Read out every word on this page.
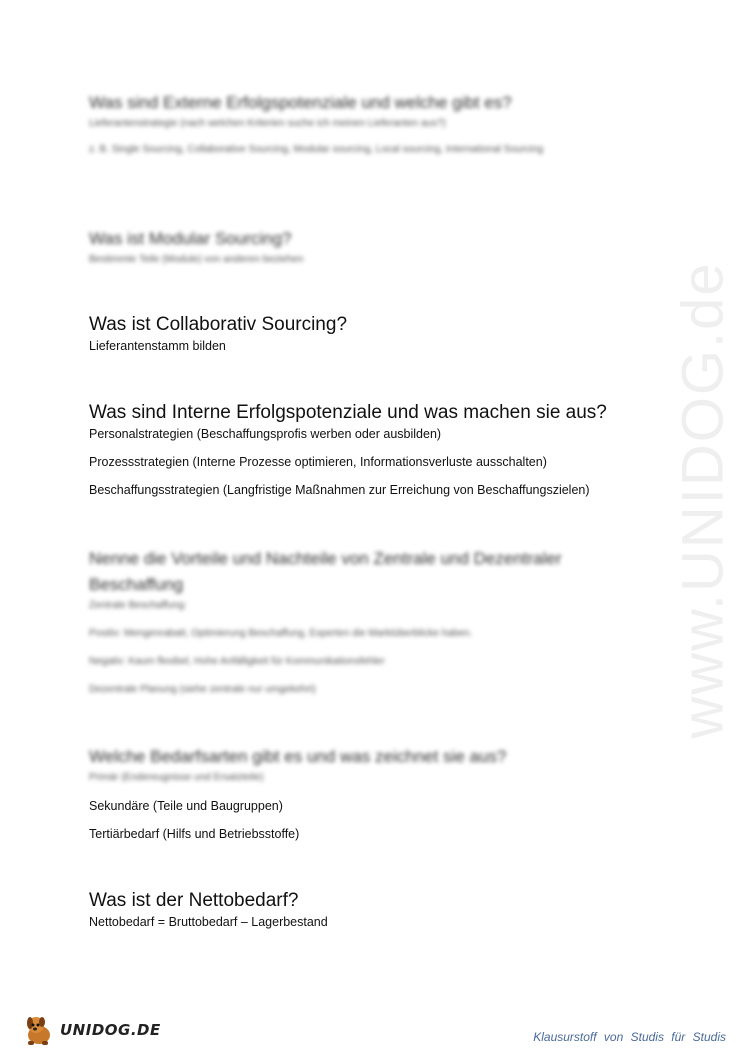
www.UNIDOG.de
Was sind Externe Erfolgspotenziale und welche gibt es?

Lieferantenstrategie (nach welchen Kriterien suche ich meinen Lieferanten aus?)

z. B. Single Sourcing, Collaborative Sourcing, Modular sourcing, Local sourcing, International Sourcing

Was ist Modular Sourcing?

Bestimmte Teile (Module) von anderen beziehen

Was ist Collaborativ Sourcing?

Lieferantenstamm bilden

Was sind Interne Erfolgspotenziale und was machen sie aus?

Personalstrategien (Beschaffungsprofis werben oder ausbilden)

Prozessstrategien (Interne Prozesse optimieren, Informationsverluste ausschalten)

Beschaffungsstrategien (Langfristige Maßnahmen zur Erreichung von Beschaffungszielen)

Nenne die Vorteile und Nachteile von Zentrale und Dezentraler Beschaffung

Zentrale Beschaffung:

Positiv: Mengenrabatt, Optimierung Beschaffung, Experten die Marktüberblicke haben.

Negativ: Kaum flexibel, Hohe Anfälligkeit für Kommunikationsfehler

Dezentrale Planung (siehe zentrale nur umgekehrt)

Welche Bedarfsarten gibt es und was zeichnet sie aus?

Primär (Endereugnisse und Ersatzteile)

Sekundäre (Teile und Baugruppen)

Tertiärbedarf (Hilfs und Betriebsstoffe)

Was ist der Nettobedarf?

Nettobedarf = Bruttobedarf – Lagerbestand

UNIDOG.DE	Klausurstoff von Studis für Studis
